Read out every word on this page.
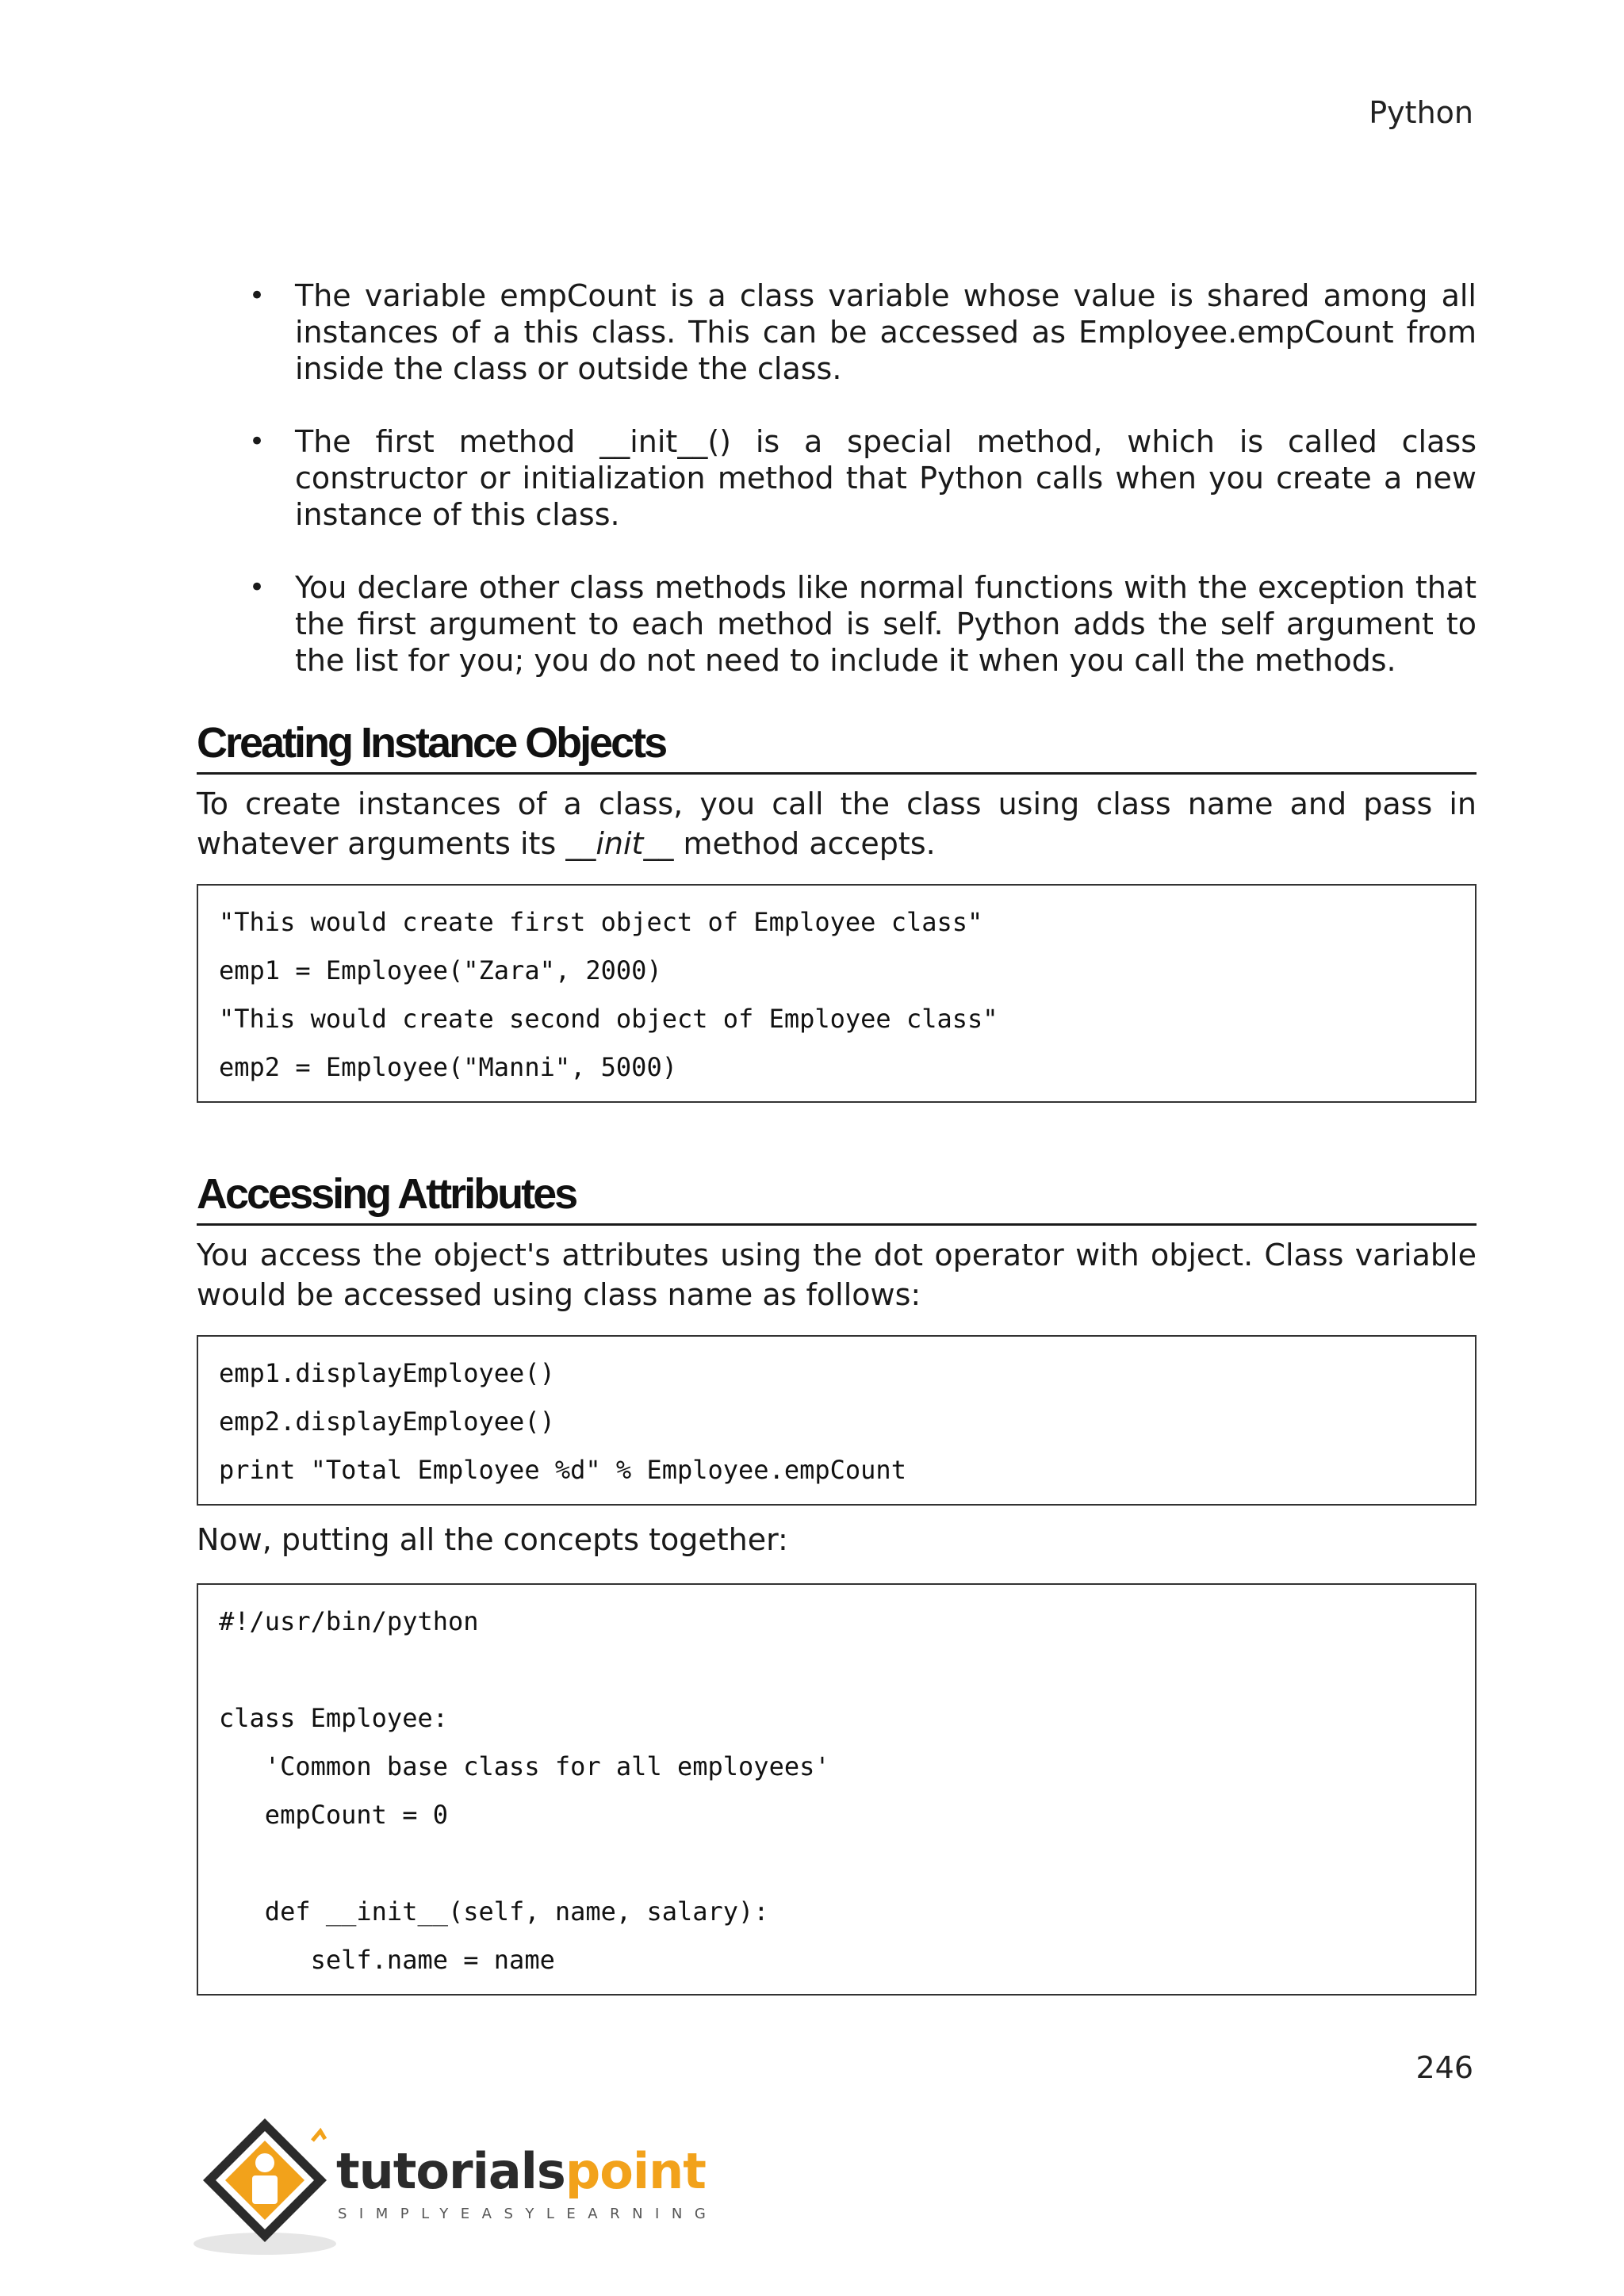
Python
• The variable empCount is a class variable whose value is shared among all instances of a this class. This can be accessed as Employee.empCount from inside the class or outside the class.
• The first method __init__() is a special method, which is called class constructor or initialization method that Python calls when you create a new instance of this class.
• You declare other class methods like normal functions with the exception that the first argument to each method is self. Python adds the self argument to the list for you; you do not need to include it when you call the methods.
Creating Instance Objects

To create instances of a class, you call the class using class name and pass in whatever arguments its __init__ method accepts.

"This would create first object of Employee class"
emp1 = Employee("Zara", 2000)
"This would create second object of Employee class"
emp2 = Employee("Manni", 5000)
Accessing Attributes

You access the object's attributes using the dot operator with object. Class variable would be accessed using class name as follows:

emp1.displayEmployee()
emp2.displayEmployee()
print "Total Employee %d" % Employee.empCount

Now, putting all the concepts together:

#!/usr/bin/python
class Employee:
'Common base class for all employees'
empCount = 0
def __init__(self, name, salary):
self.name = name
246
tutorialspoint
SIMPLYEASYLEARNING
